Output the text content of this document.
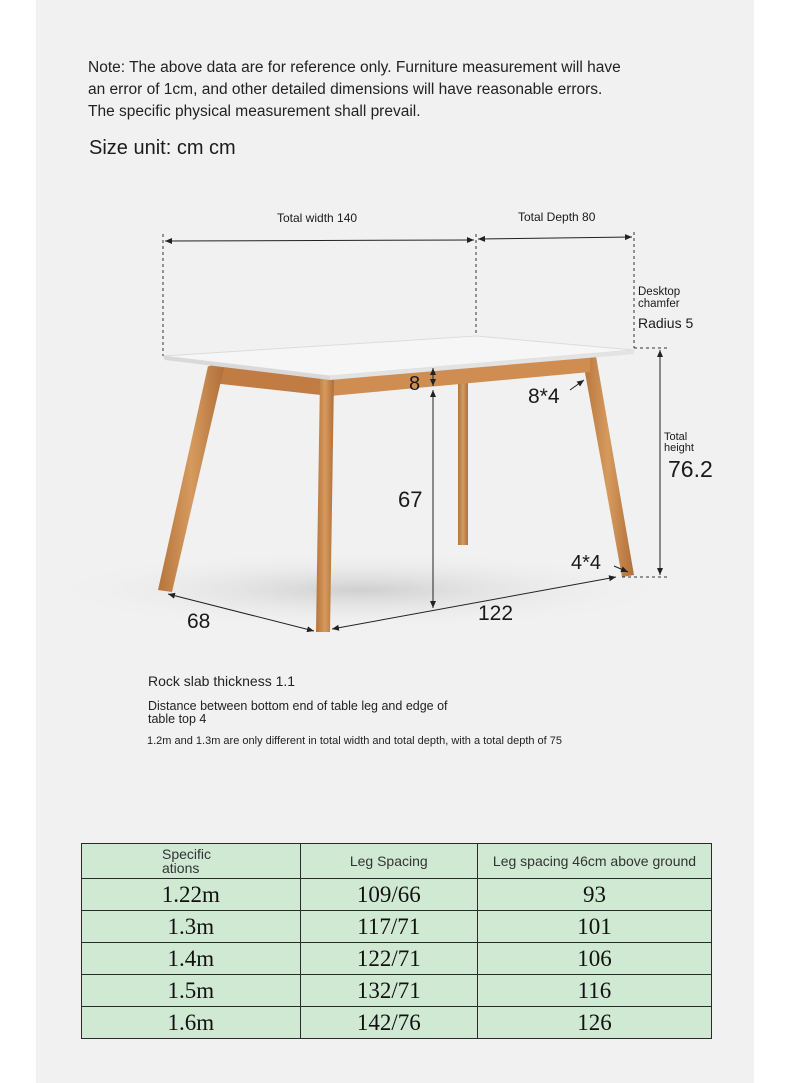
Note: The above data are for reference only. Furniture measurement will have an error of 1cm, and other detailed dimensions will have reasonable errors. The specific physical measurement shall prevail.
Size unit: cm cm
Total width 140	Total Depth 80
Desktop
chamfer
Radius 5
8
8*4
Total
height
76.2
67
4*4
68	122
Rock slab thickness 1.1
Distance between bottom end of table leg and edge of table top 4
1.2m and 1.3m are only different in total width and total depth, with a total depth of 75
Specific ations	Leg Spacing	Leg spacing 46cm above ground
1.22m	109/66	93
1.3m	117/71	101
1.4m	122/71	106
1.5m	132/71	116
1.6m	142/76	126
